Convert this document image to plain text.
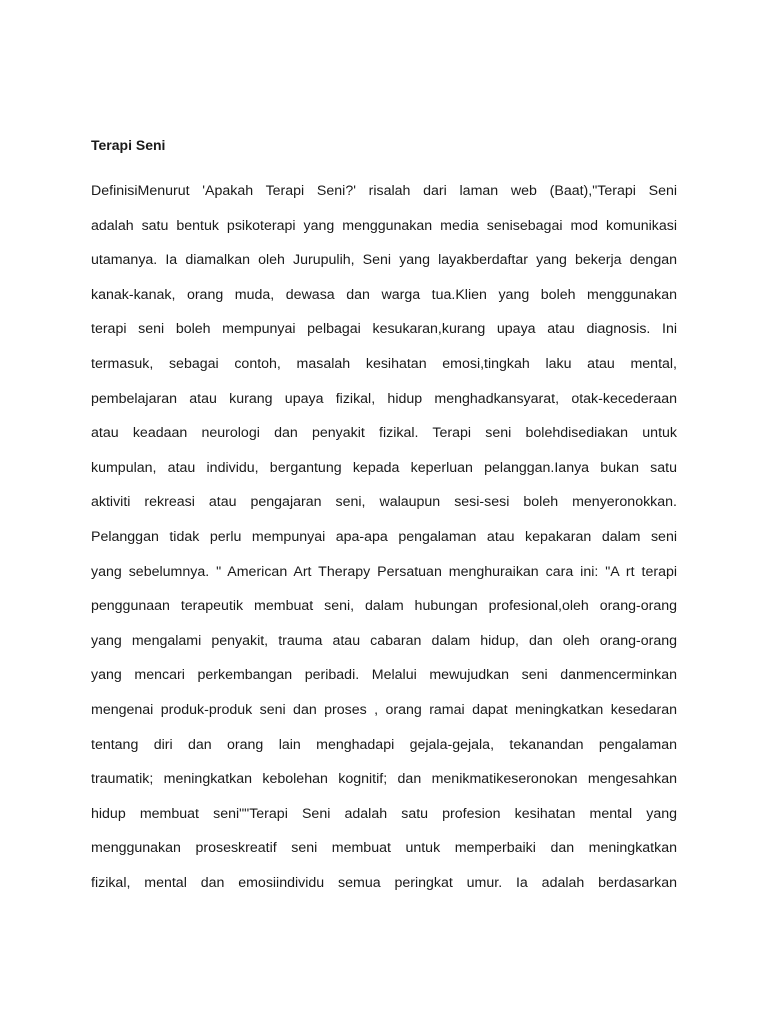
Terapi Seni
DefinisiMenurut 'Apakah Terapi Seni?' risalah dari laman web (Baat),"Terapi Seni
adalah satu bentuk psikoterapi yang menggunakan media senisebagai mod komunikasi
utamanya. Ia diamalkan oleh Jurupulih, Seni yang layakberdaftar yang bekerja dengan
kanak-kanak, orang muda, dewasa dan warga tua.Klien yang boleh menggunakan
terapi seni boleh mempunyai pelbagai kesukaran,kurang upaya atau diagnosis. Ini
termasuk, sebagai contoh, masalah kesihatan emosi,tingkah laku atau mental,
pembelajaran atau kurang upaya fizikal, hidup menghadkansyarat, otak-kecederaan
atau keadaan neurologi dan penyakit fizikal. Terapi seni bolehdisediakan untuk
kumpulan, atau individu, bergantung kepada keperluan pelanggan.Ianya bukan satu
aktiviti rekreasi atau pengajaran seni, walaupun sesi-sesi boleh menyeronokkan.
Pelanggan tidak perlu mempunyai apa-apa pengalaman atau kepakaran dalam seni
yang sebelumnya. " American Art Therapy Persatuan menghuraikan cara ini: "A rt terapi
penggunaan terapeutik membuat seni, dalam hubungan profesional,oleh orang-orang
yang mengalami penyakit, trauma atau cabaran dalam hidup, dan oleh orang-orang
yang mencari perkembangan peribadi. Melalui mewujudkan seni danmencerminkan
mengenai produk-produk seni dan proses , orang ramai dapat meningkatkan kesedaran
tentang diri dan orang lain menghadapi gejala-gejala, tekanandan pengalaman
traumatik; meningkatkan kebolehan kognitif; dan menikmatikeseronokan mengesahkan
hidup membuat seni""Terapi Seni adalah satu profesion kesihatan mental yang
menggunakan proseskreatif seni membuat untuk memperbaiki dan meningkatkan
fizikal, mental dan emosiindividu semua peringkat umur. Ia adalah berdasarkan
